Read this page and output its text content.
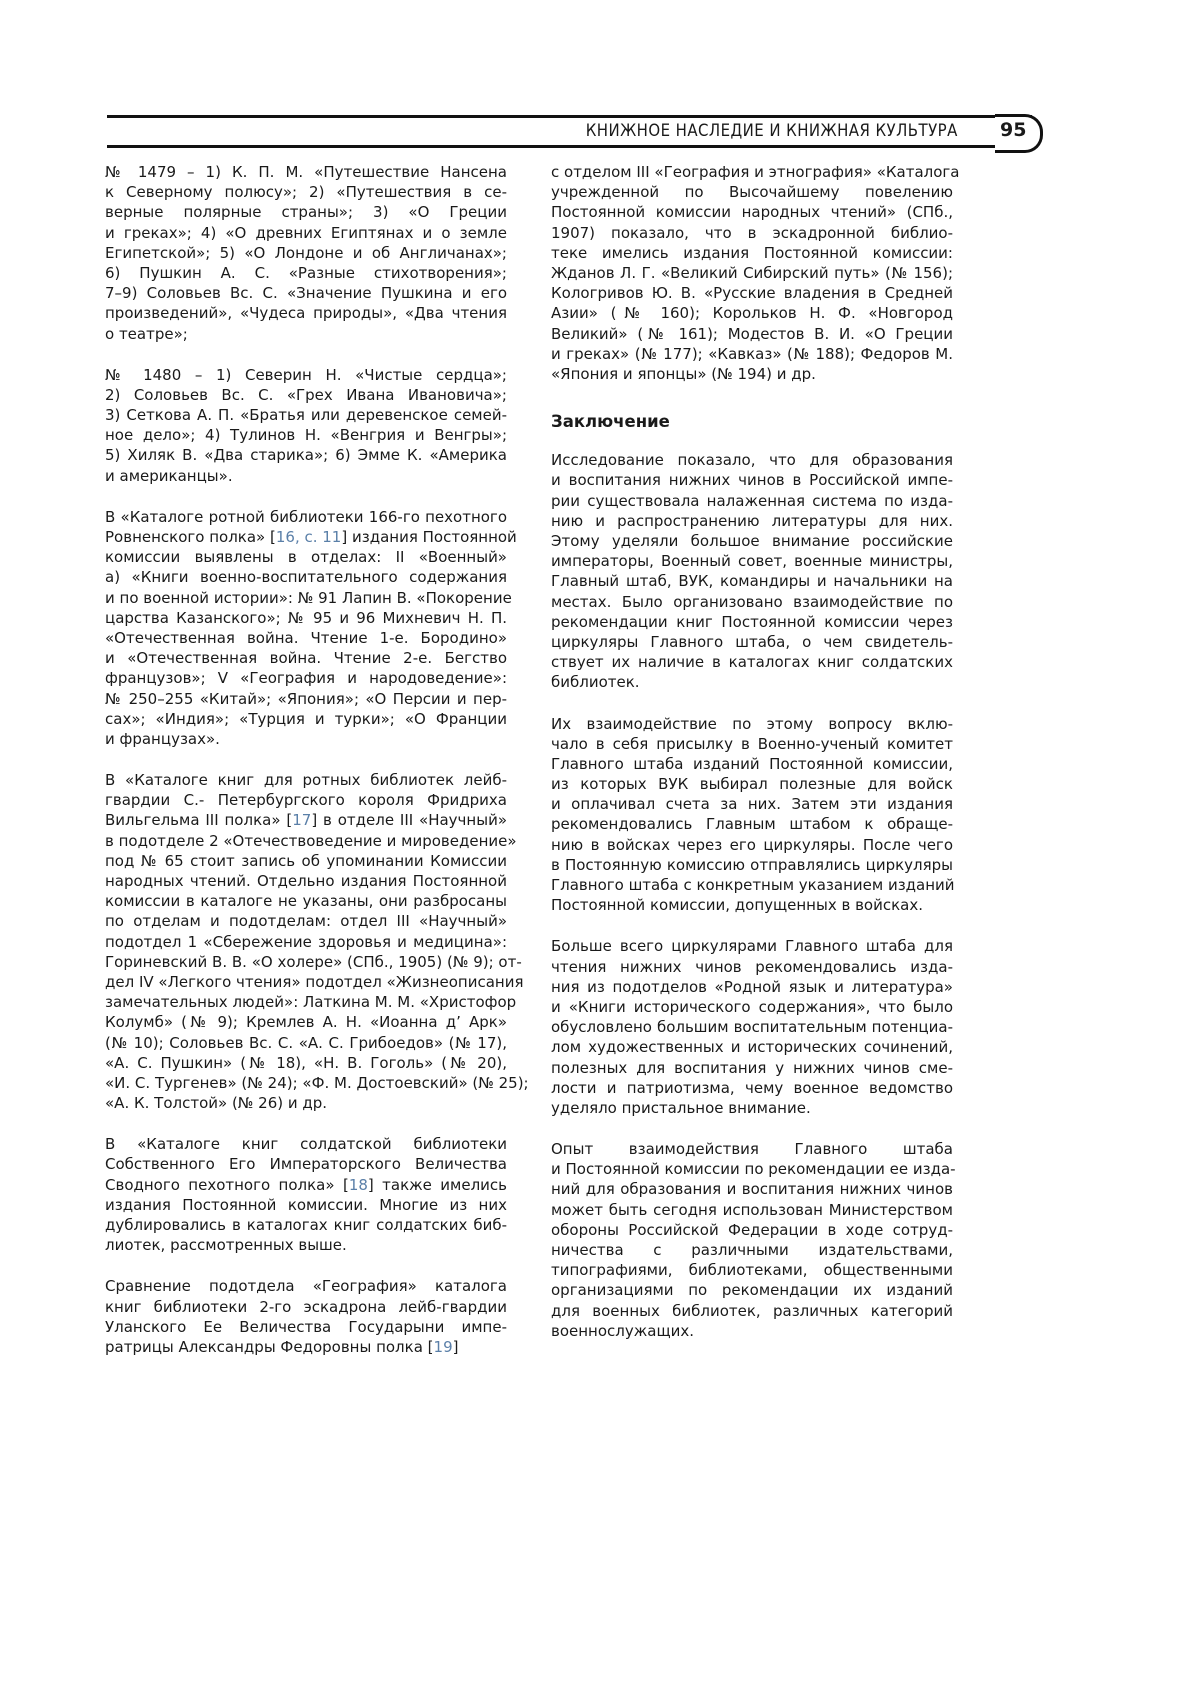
КНИЖНОЕ НАСЛЕДИЕ И КНИЖНАЯ КУЛЬТУРА 95
№ 1479 – 1) К. П. М. «Путешествие Нансена
к Северному полюсу»; 2) «Путешествия в се-
верные полярные страны»; 3) «О Греции
и греках»; 4) «О древних Египтянах и о земле
Египетской»; 5) «О Лондоне и об Англичанах»;
6) Пушкин А. С. «Разные стихотворения»;
7–9) Соловьев Вс. С. «Значение Пушкина и его
произведений», «Чудеса природы», «Два чтения
о театре»;
№ 1480 – 1) Северин Н. «Чистые сердца»;
2) Соловьев Вс. С. «Грех Ивана Ивановича»;
3) Сеткова А. П. «Братья или деревенское семей-
ное дело»; 4) Тулинов Н. «Венгрия и Венгры»;
5) Хиляк В. «Два старика»; 6) Эмме К. «Америка
и американцы».
В «Каталоге ротной библиотеки 166-го пехотного
Ровненского полка» [16, с. 11] издания Постоянной
комиссии выявлены в отделах: II «Военный»
а) «Книги военно-воспитательного содержания
и по военной истории»: № 91 Лапин В. «Покорение
царства Казанского»; № 95 и 96 Михневич Н. П.
«Отечественная война. Чтение 1-е. Бородино»
и «Отечественная война. Чтение 2-е. Бегство
французов»; V «География и народоведение»:
№ 250–255 «Китай»; «Япония»; «О Персии и пер-
сах»; «Индия»; «Турция и турки»; «О Франции
и французах».
В «Каталоге книг для ротных библиотек лейб-
гвардии С.- Петербургского короля Фридриха
Вильгельма III полка» [17] в отделе III «Научный»
в подотделе 2 «Отечествоведение и мироведение»
под № 65 стоит запись об упоминании Комиссии
народных чтений. Отдельно издания Постоянной
комиссии в каталоге не указаны, они разбросаны
по отделам и подотделам: отдел III «Научный»
подотдел 1 «Сбережение здоровья и медицина»:
Гориневский В. В. «О холере» (СПб., 1905) (№ 9); от-
дел IV «Легкого чтения» подотдел «Жизнеописания
замечательных людей»: Латкина М. М. «Христофор
Колумб» (№ 9); Кремлев А. Н. «Иоанна д’ Арк»
(№ 10); Соловьев Вс. С. «А. С. Грибоедов» (№ 17),
«А. С. Пушкин» (№ 18), «Н. В. Гоголь» (№ 20),
«И. С. Тургенев» (№ 24); «Ф. М. Достоевский» (№ 25);
«А. К. Толстой» (№ 26) и др.
В «Каталоге книг солдатской библиотеки
Собственного Его Императорского Величества
Сводного пехотного полка» [18] также имелись
издания Постоянной комиссии. Многие из них
дублировались в каталогах книг солдатских биб-
лиотек, рассмотренных выше.
Сравнение подотдела «География» каталога
книг библиотеки 2-го эскадрона лейб-гвардии
Уланского Ее Величества Государыни импе-
ратрицы Александры Федоровны полка [19]
с отделом III «География и этнография» «Каталога
учрежденной по Высочайшему повелению
Постоянной комиссии народных чтений» (СПб.,
1907) показало, что в эскадронной библио-
теке имелись издания Постоянной комиссии:
Жданов Л. Г. «Великий Сибирский путь» (№ 156);
Кологривов Ю. В. «Русские владения в Средней
Азии» (№ 160); Корольков Н. Ф. «Новгород
Великий» (№ 161); Модестов В. И. «О Греции
и греках» (№ 177); «Кавказ» (№ 188); Федоров М.
«Япония и японцы» (№ 194) и др.
Заключение
Исследование показало, что для образования
и воспитания нижних чинов в Российской импе-
рии существовала налаженная система по изда-
нию и распространению литературы для них.
Этому уделяли большое внимание российские
императоры, Военный совет, военные министры,
Главный штаб, ВУК, командиры и начальники на
местах. Было организовано взаимодействие по
рекомендации книг Постоянной комиссии через
циркуляры Главного штаба, о чем свидетель-
ствует их наличие в каталогах книг солдатских
библиотек.
Их взаимодействие по этому вопросу вклю-
чало в себя присылку в Военно-ученый комитет
Главного штаба изданий Постоянной комиссии,
из которых ВУК выбирал полезные для войск
и оплачивал счета за них. Затем эти издания
рекомендовались Главным штабом к обраще-
нию в войсках через его циркуляры. После чего
в Постоянную комиссию отправлялись циркуляры
Главного штаба с конкретным указанием изданий
Постоянной комиссии, допущенных в войсках.
Больше всего циркулярами Главного штаба для
чтения нижних чинов рекомендовались изда-
ния из подотделов «Родной язык и литература»
и «Книги исторического содержания», что было
обусловлено большим воспитательным потенциа-
лом художественных и исторических сочинений,
полезных для воспитания у нижних чинов сме-
лости и патриотизма, чему военное ведомство
уделяло пристальное внимание.
Опыт взаимодействия Главного штаба
и Постоянной комиссии по рекомендации ее изда-
ний для образования и воспитания нижних чинов
может быть сегодня использован Министерством
обороны Российской Федерации в ходе сотруд-
ничества с различными издательствами,
типографиями, библиотеками, общественными
организациями по рекомендации их изданий
для военных библиотек, различных категорий
военнослужащих.
